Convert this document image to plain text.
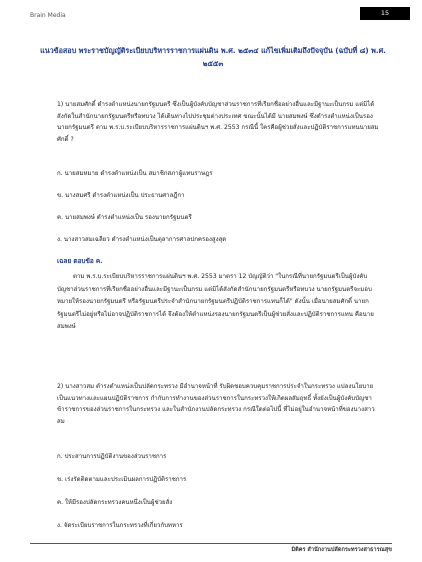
Brain Media	15
แนวข้อสอบ พระราชบัญญัติระเบียบบริหารราชการแผ่นดิน พ.ศ. ๒๕๓๔ แก้ไขเพิ่มเติมถึงปัจจุบัน (ฉบับที่ ๘) พ.ศ. ๒๕๕๓
1) นายสมศักดิ์ ดำรงตำแหน่งนายกรัฐมนตรี ซึ่งเป็นผู้บังคับบัญชาส่วนราชการที่เรียกชื่ออย่างอื่นและมีฐานะเป็นกรม แต่มิได้สังกัดในสำนักนายกรัฐมนตรีหรือทบวง ได้เดินทางไปประชุมต่างประเทศ ขณะนั้นได้มี นายสมพงษ์ ซึ่งดำรงตำแหน่งเป็นรองนายกรัฐมนตรี ตาม พ.ร.บ.ระเบียบบริหารราชการแผ่นดินฯ พ.ศ. 2553 กรณีนี้ ใครคือผู้ช่วยสั่งและปฏิบัติราชการแทนนายสมศักดิ์ ?
ก. นายสมหมาย ดำรงตำแหน่งเป็น สมาชิกสภาผู้แทนราษฎร
ข. นางสมศรี ดำรงตำแหน่งเป็น ประธานศาลฎีกา
ค. นายสมพงษ์ ดำรงตำแหน่งเป็น รองนายกรัฐมนตรี
ง. นางสาวสมเฉลียว ดำรงตำแหน่งเป็นตุลาการศาลปกครองสูงสุด
เฉลย ตอบข้อ ค.
ตาม พ.ร.บ.ระเบียบบริหารราชการแผ่นดินฯ พ.ศ. 2553 มาตรา 12 บัญญัติว่า "ในกรณีที่นายกรัฐมนตรีเป็นผู้บังคับบัญชาส่วนราชการที่เรียกชื่ออย่างอื่นและมีฐานะเป็นกรม แต่มิได้สังกัดสำนักนายกรัฐมนตรีหรือทบวง นายกรัฐมนตรีจะมอบหมายให้รองนายกรัฐมนตรี หรือรัฐมนตรีประจำสำนักนายกรัฐมนตรีปฏิบัติราชการแทนก็ได้" ดังนั้น เมื่อนายสมศักดิ์ นายกรัฐมนตรีไม่อยู่หรือไม่อาจปฏิบัติราชการได้ จึงต้องให้ตำแหน่งรองนายกรัฐมนตรีเป็นผู้ช่วยสั่งและปฏิบัติราชการแทน คือนายสมพงษ์
2) นางสาวสม ดำรงตำแหน่งเป็นปลัดกระทรวง มีอำนาจหน้าที่ รับผิดชอบควบคุมราชการประจำในกระทรวง แปลงนโยบายเป็นแนวทางและแผนปฏิบัติราชการ กำกับการทำงานของส่วนราชการในกระทรวงให้เกิดผลสัมฤทธิ์ ทั้งยังเป็นผู้บังคับบัญชาข้าราชการของส่วนราชการในกระทรวง และในสำนักงานปลัดกระทรวง กรณีใดต่อไปนี้ ที่ไม่อยู่ในอำนาจหน้าที่ของนางสาวสม
ก. ประสานการปฏิบัติงานของส่วนราชการ
ข. เร่งรัดติดตามและประเมินผลการปฏิบัติราชการ
ค. ให้มีรองปลัดกระทรวงคนหนึ่งเป็นผู้ช่วยสั่ง
ง. จัดระเบียบราชการในกระทรวงที่เกี่ยวกับทหาร
มิติคร สำนักงานปลัดกระทรวงสาธารณสุข
